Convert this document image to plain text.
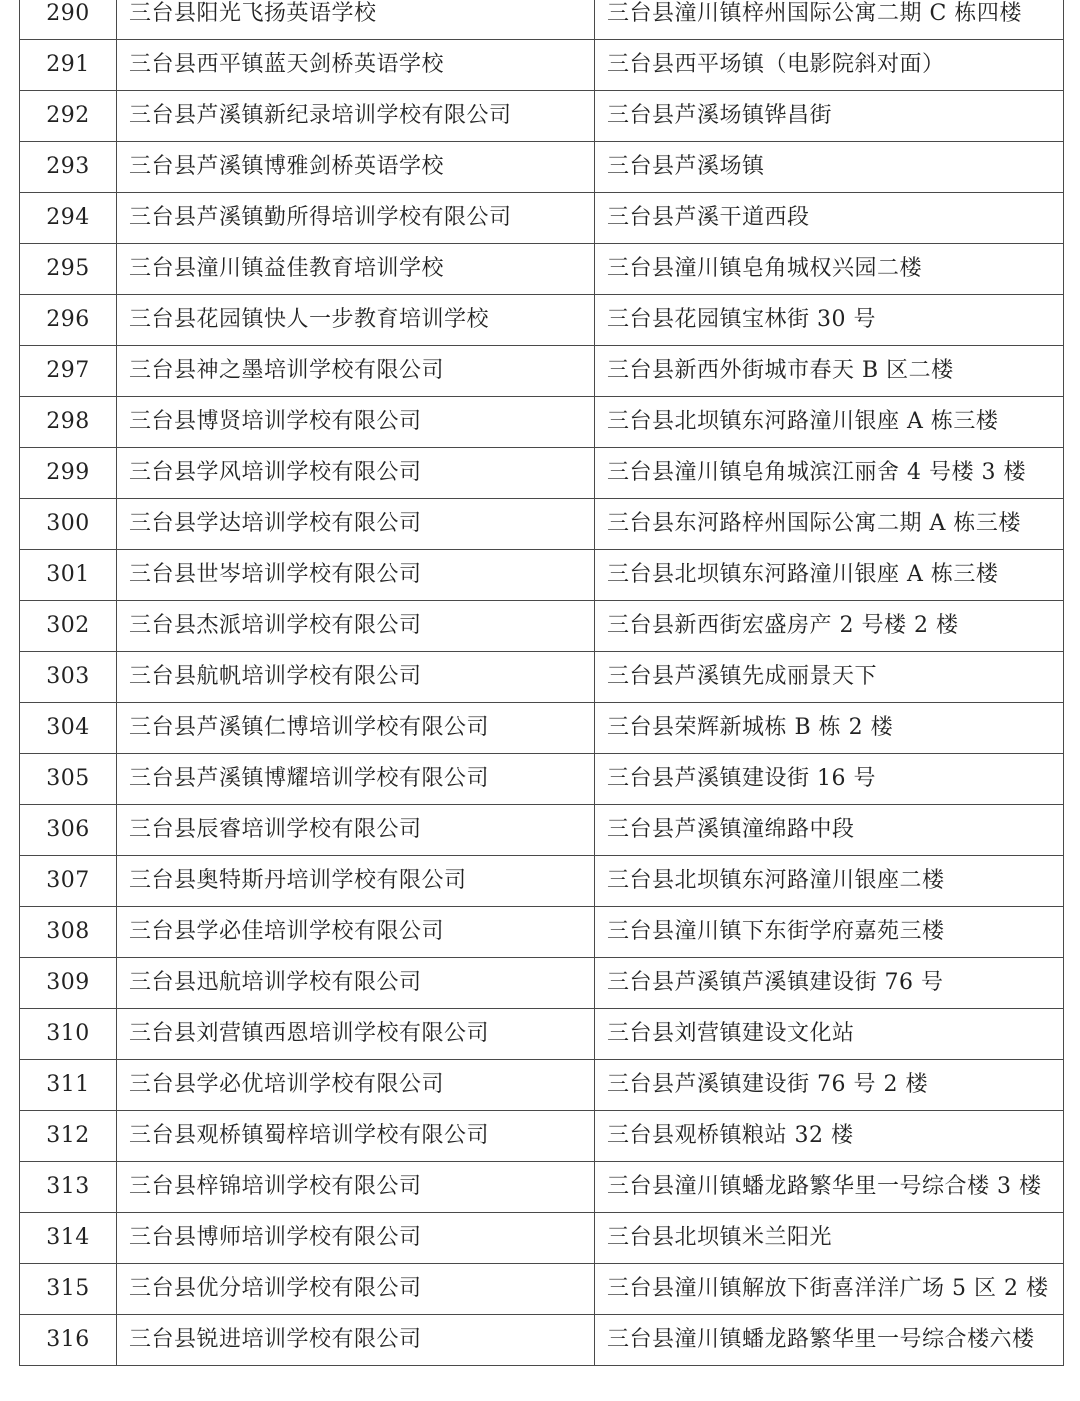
290	三台县阳光飞扬英语学校	三台县潼川镇梓州国际公寓二期 C 栋四楼
291	三台县西平镇蓝天剑桥英语学校	三台县西平场镇（电影院斜对面）
292	三台县芦溪镇新纪录培训学校有限公司	三台县芦溪场镇铧昌街
293	三台县芦溪镇博雅剑桥英语学校	三台县芦溪场镇
294	三台县芦溪镇勤所得培训学校有限公司	三台县芦溪干道西段
295	三台县潼川镇益佳教育培训学校	三台县潼川镇皂角城权兴园二楼
296	三台县花园镇快人一步教育培训学校	三台县花园镇宝林街 30 号
297	三台县神之墨培训学校有限公司	三台县新西外街城市春天 B 区二楼
298	三台县博贤培训学校有限公司	三台县北坝镇东河路潼川银座 A 栋三楼
299	三台县学风培训学校有限公司	三台县潼川镇皂角城滨江丽舍 4 号楼 3 楼
300	三台县学达培训学校有限公司	三台县东河路梓州国际公寓二期 A 栋三楼
301	三台县世岑培训学校有限公司	三台县北坝镇东河路潼川银座 A 栋三楼
302	三台县杰派培训学校有限公司	三台县新西街宏盛房产 2 号楼 2 楼
303	三台县航帆培训学校有限公司	三台县芦溪镇先成丽景天下
304	三台县芦溪镇仁博培训学校有限公司	三台县荣辉新城栋 B 栋 2 楼
305	三台县芦溪镇博耀培训学校有限公司	三台县芦溪镇建设街 16 号
306	三台县辰睿培训学校有限公司	三台县芦溪镇潼绵路中段
307	三台县奥特斯丹培训学校有限公司	三台县北坝镇东河路潼川银座二楼
308	三台县学必佳培训学校有限公司	三台县潼川镇下东街学府嘉苑三楼
309	三台县迅航培训学校有限公司	三台县芦溪镇芦溪镇建设街 76 号
310	三台县刘营镇西恩培训学校有限公司	三台县刘营镇建设文化站
311	三台县学必优培训学校有限公司	三台县芦溪镇建设街 76 号 2 楼
312	三台县观桥镇蜀梓培训学校有限公司	三台县观桥镇粮站 32 楼
313	三台县梓锦培训学校有限公司	三台县潼川镇蟠龙路繁华里一号综合楼 3 楼
314	三台县博师培训学校有限公司	三台县北坝镇米兰阳光
315	三台县优分培训学校有限公司	三台县潼川镇解放下街喜洋洋广场 5 区 2 楼
316	三台县锐进培训学校有限公司	三台县潼川镇蟠龙路繁华里一号综合楼六楼
